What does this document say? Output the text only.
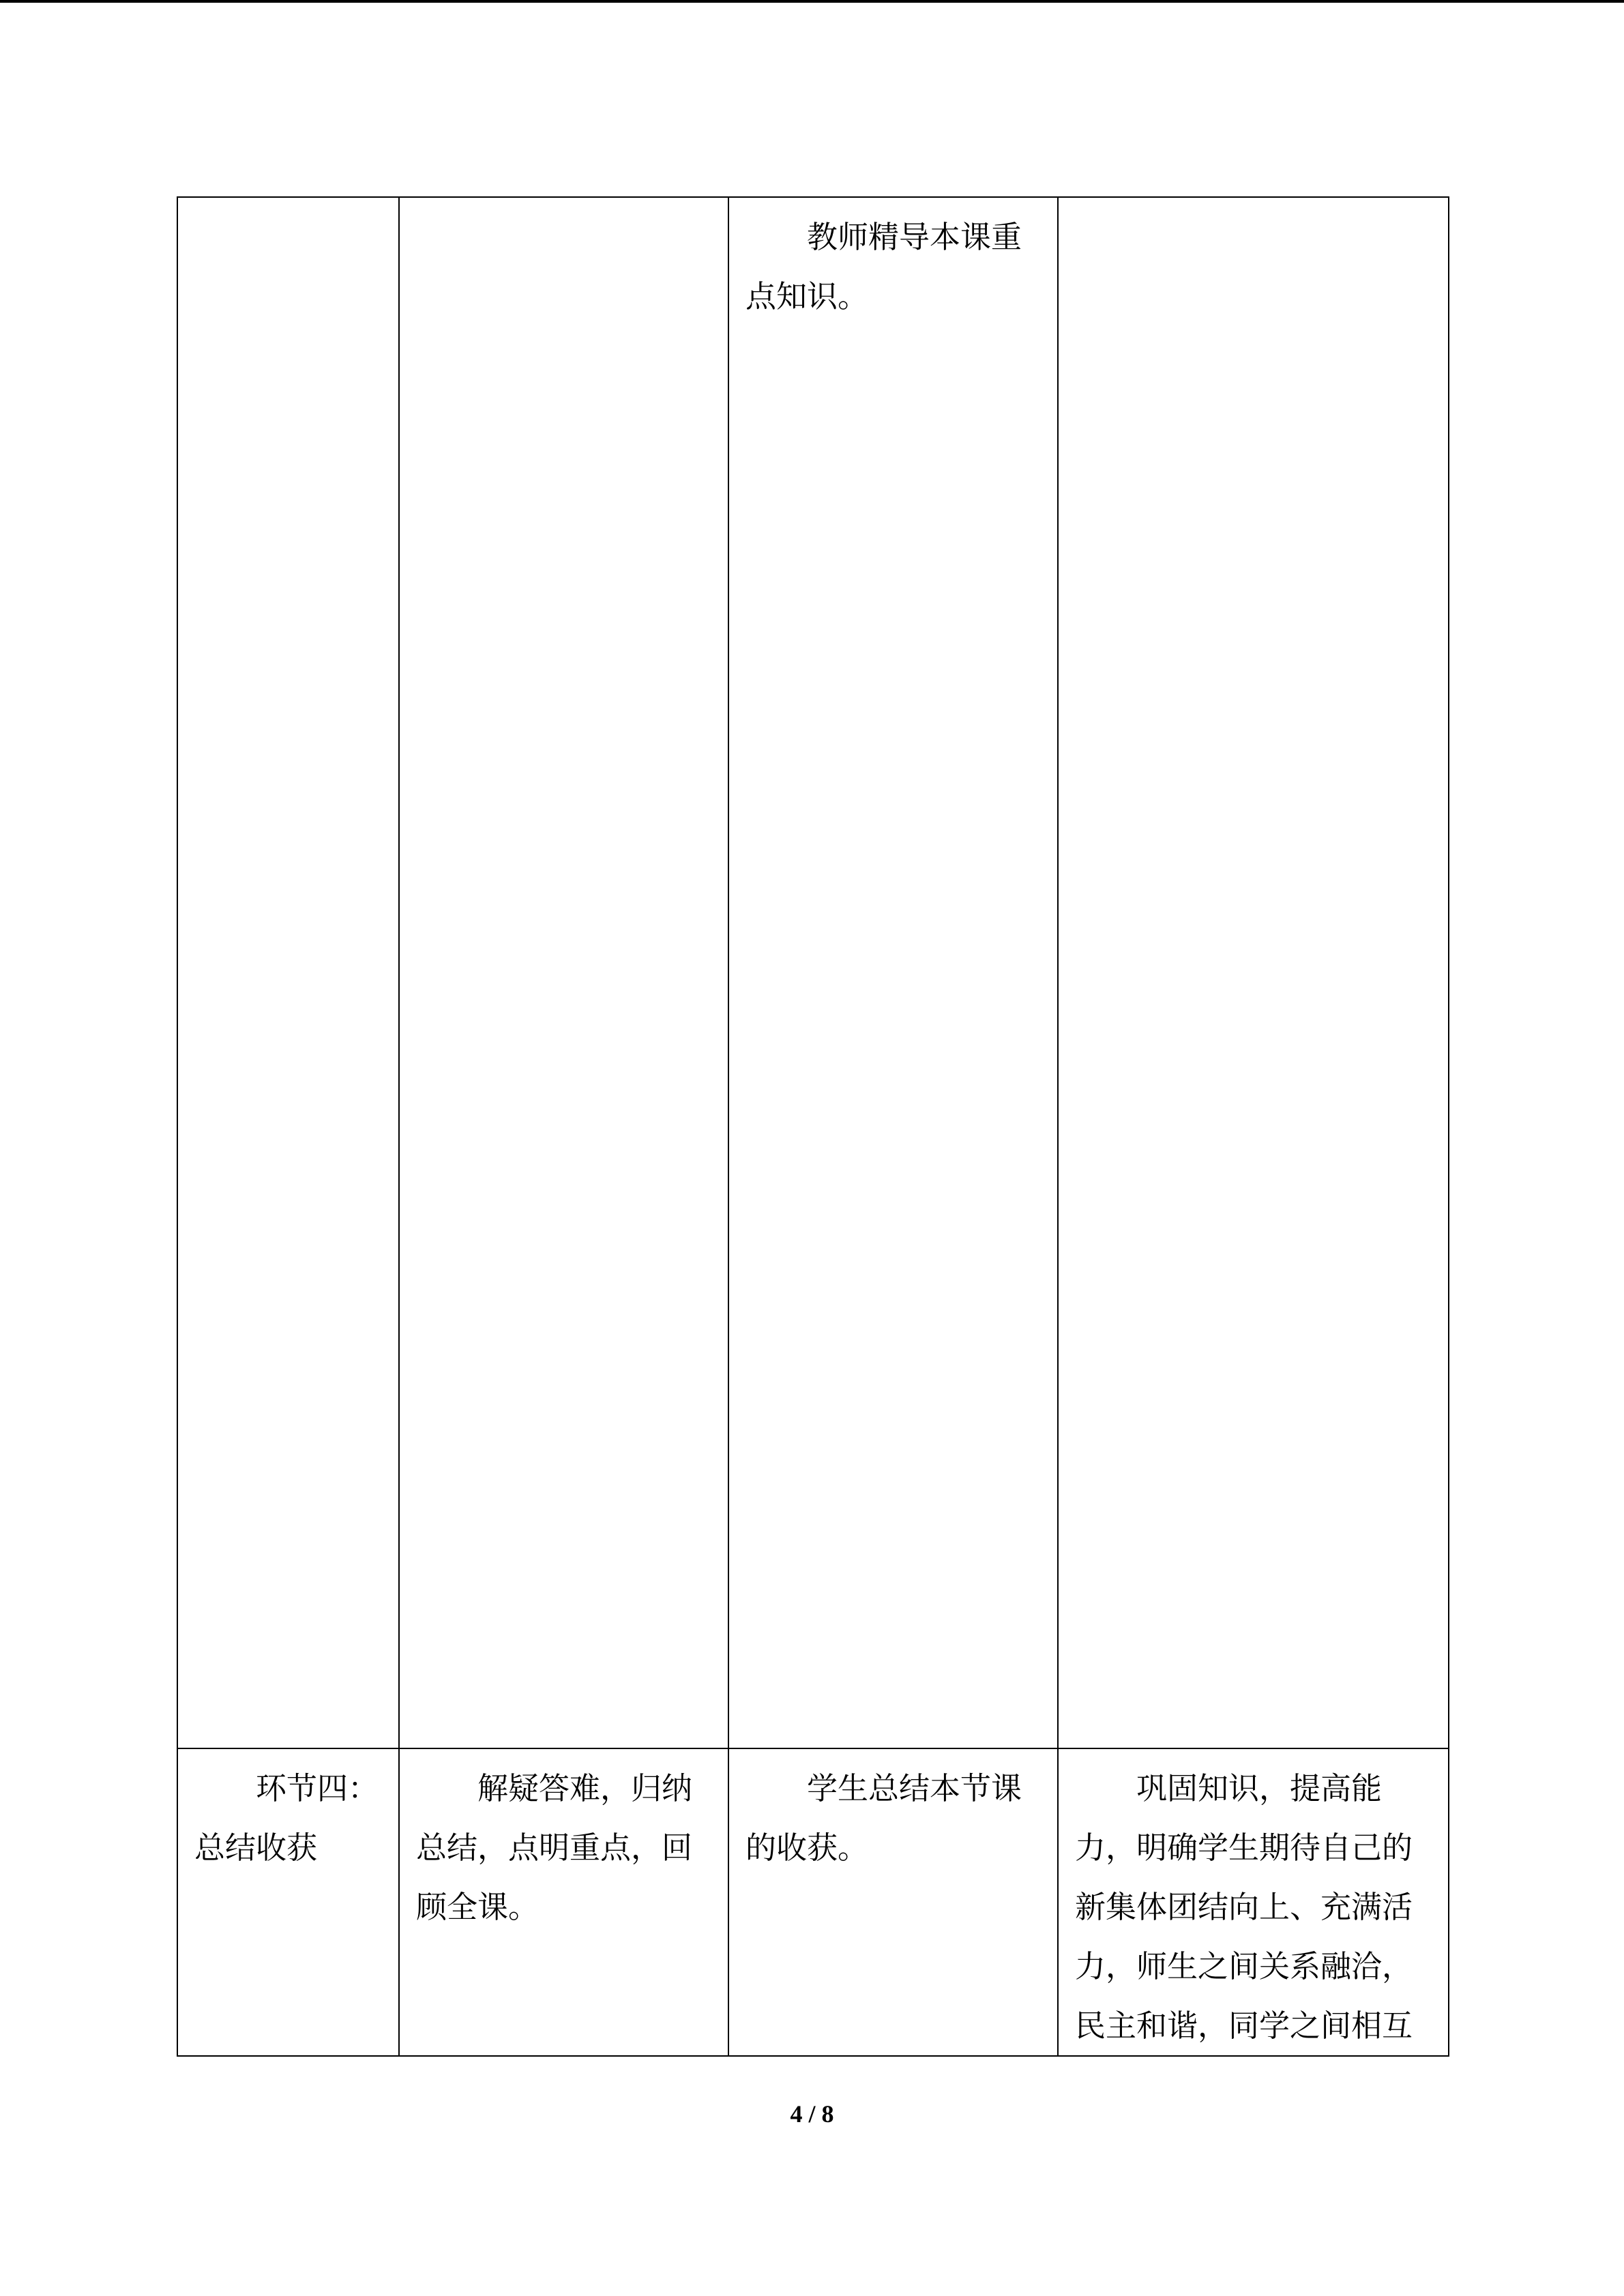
		教师精导本课重点知识。	

环节四：总结收获	解疑答难，归纳总结，点明重点，回顾全课。	学生总结本节课的收获。	巩固知识，提高能力，明确学生期待自己的新集体团结向上、充满活力，师生之间关系融洽，民主和谐，同学之间相互
4 / 8
